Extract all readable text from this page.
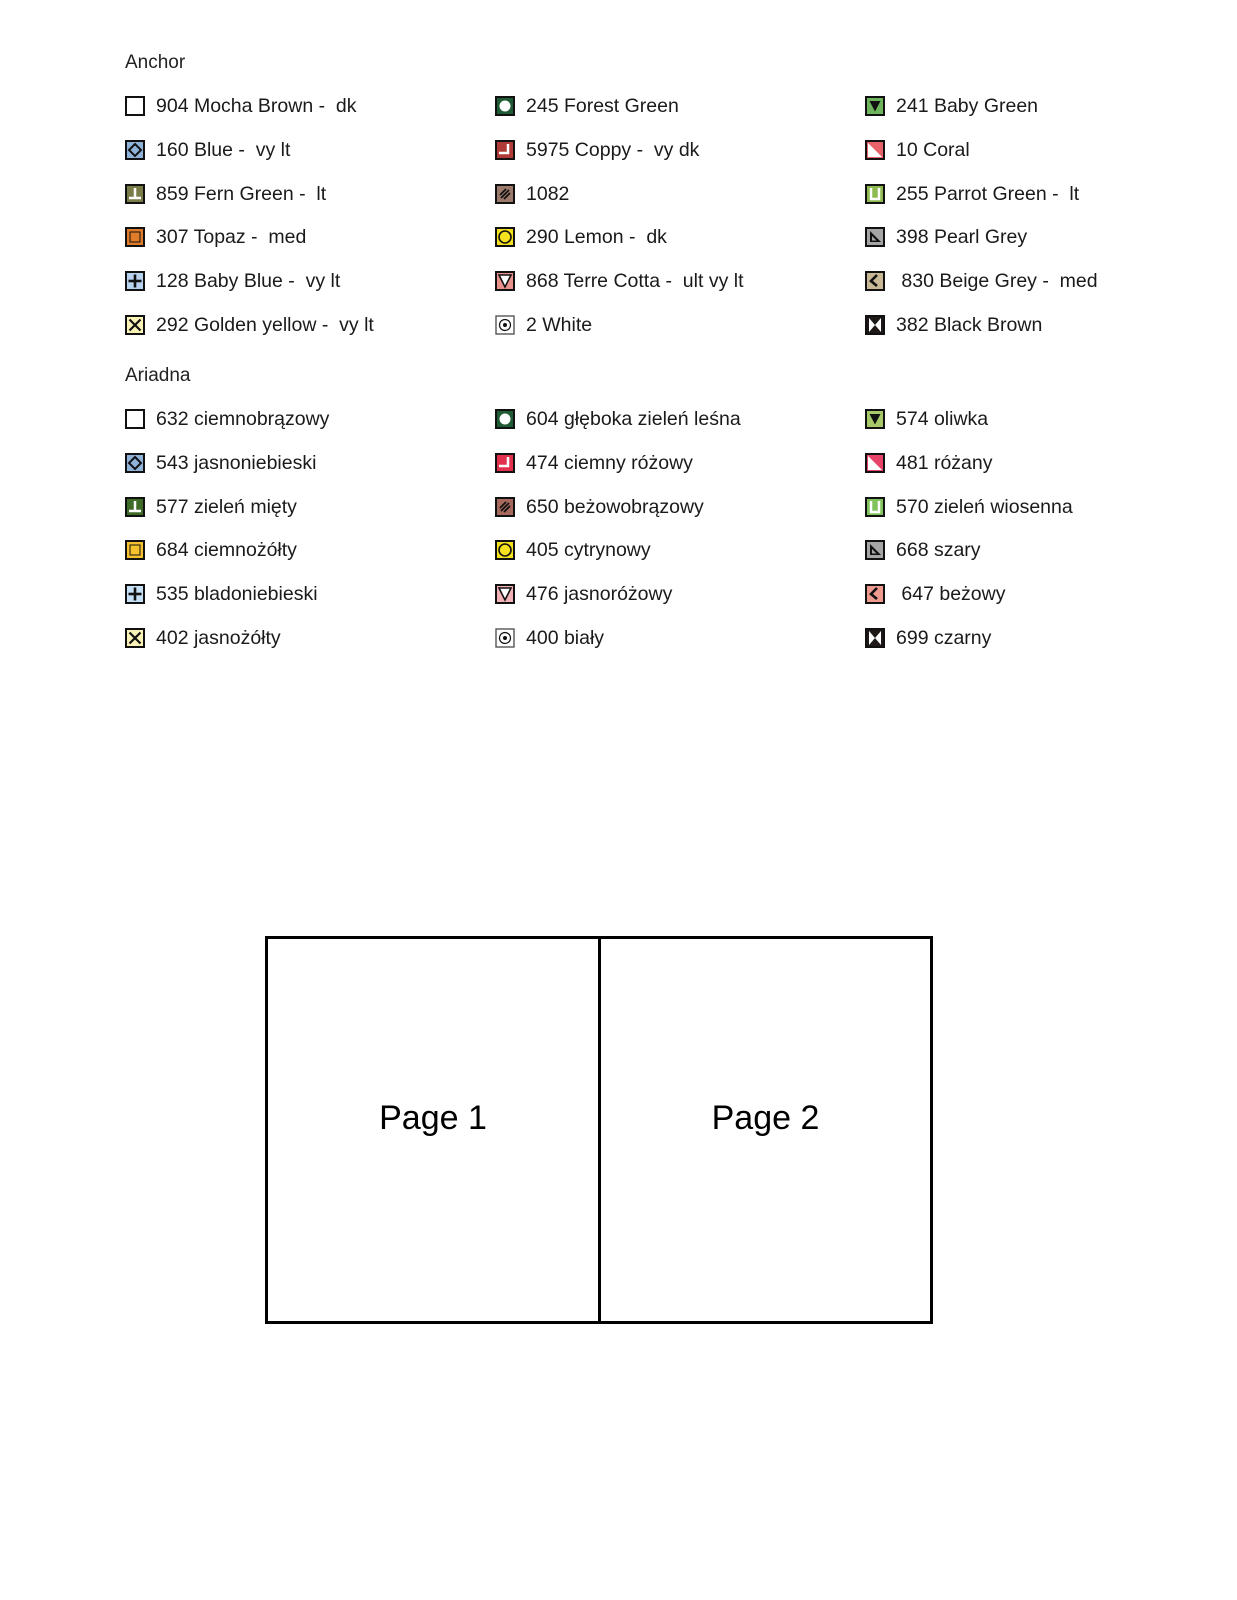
Anchor
904 Mocha Brown -  dk	245 Forest Green	241 Baby Green
160 Blue -  vy lt	5975 Coppy -  vy dk	10 Coral
859 Fern Green -  lt	1082	255 Parrot Green -  lt
307 Topaz -  med	290 Lemon -  dk	398 Pearl Grey
128 Baby Blue -  vy lt	868 Terre Cotta -  ult vy lt	830 Beige Grey -  med
292 Golden yellow -  vy lt	2 White	382 Black Brown
Ariadna
632 ciemnobrązowy	604 głęboka zieleń leśna	574 oliwka
543 jasnoniebieski	474 ciemny różowy	481 różany
577 zieleń mięty	650 beżowobrązowy	570 zieleń wiosenna
684 ciemnożółty	405 cytrynowy	668 szary
535 bladoniebieski	476 jasnoróżowy	647 beżowy
402 jasnożółty	400 biały	699 czarny
Page 1	Page 2
